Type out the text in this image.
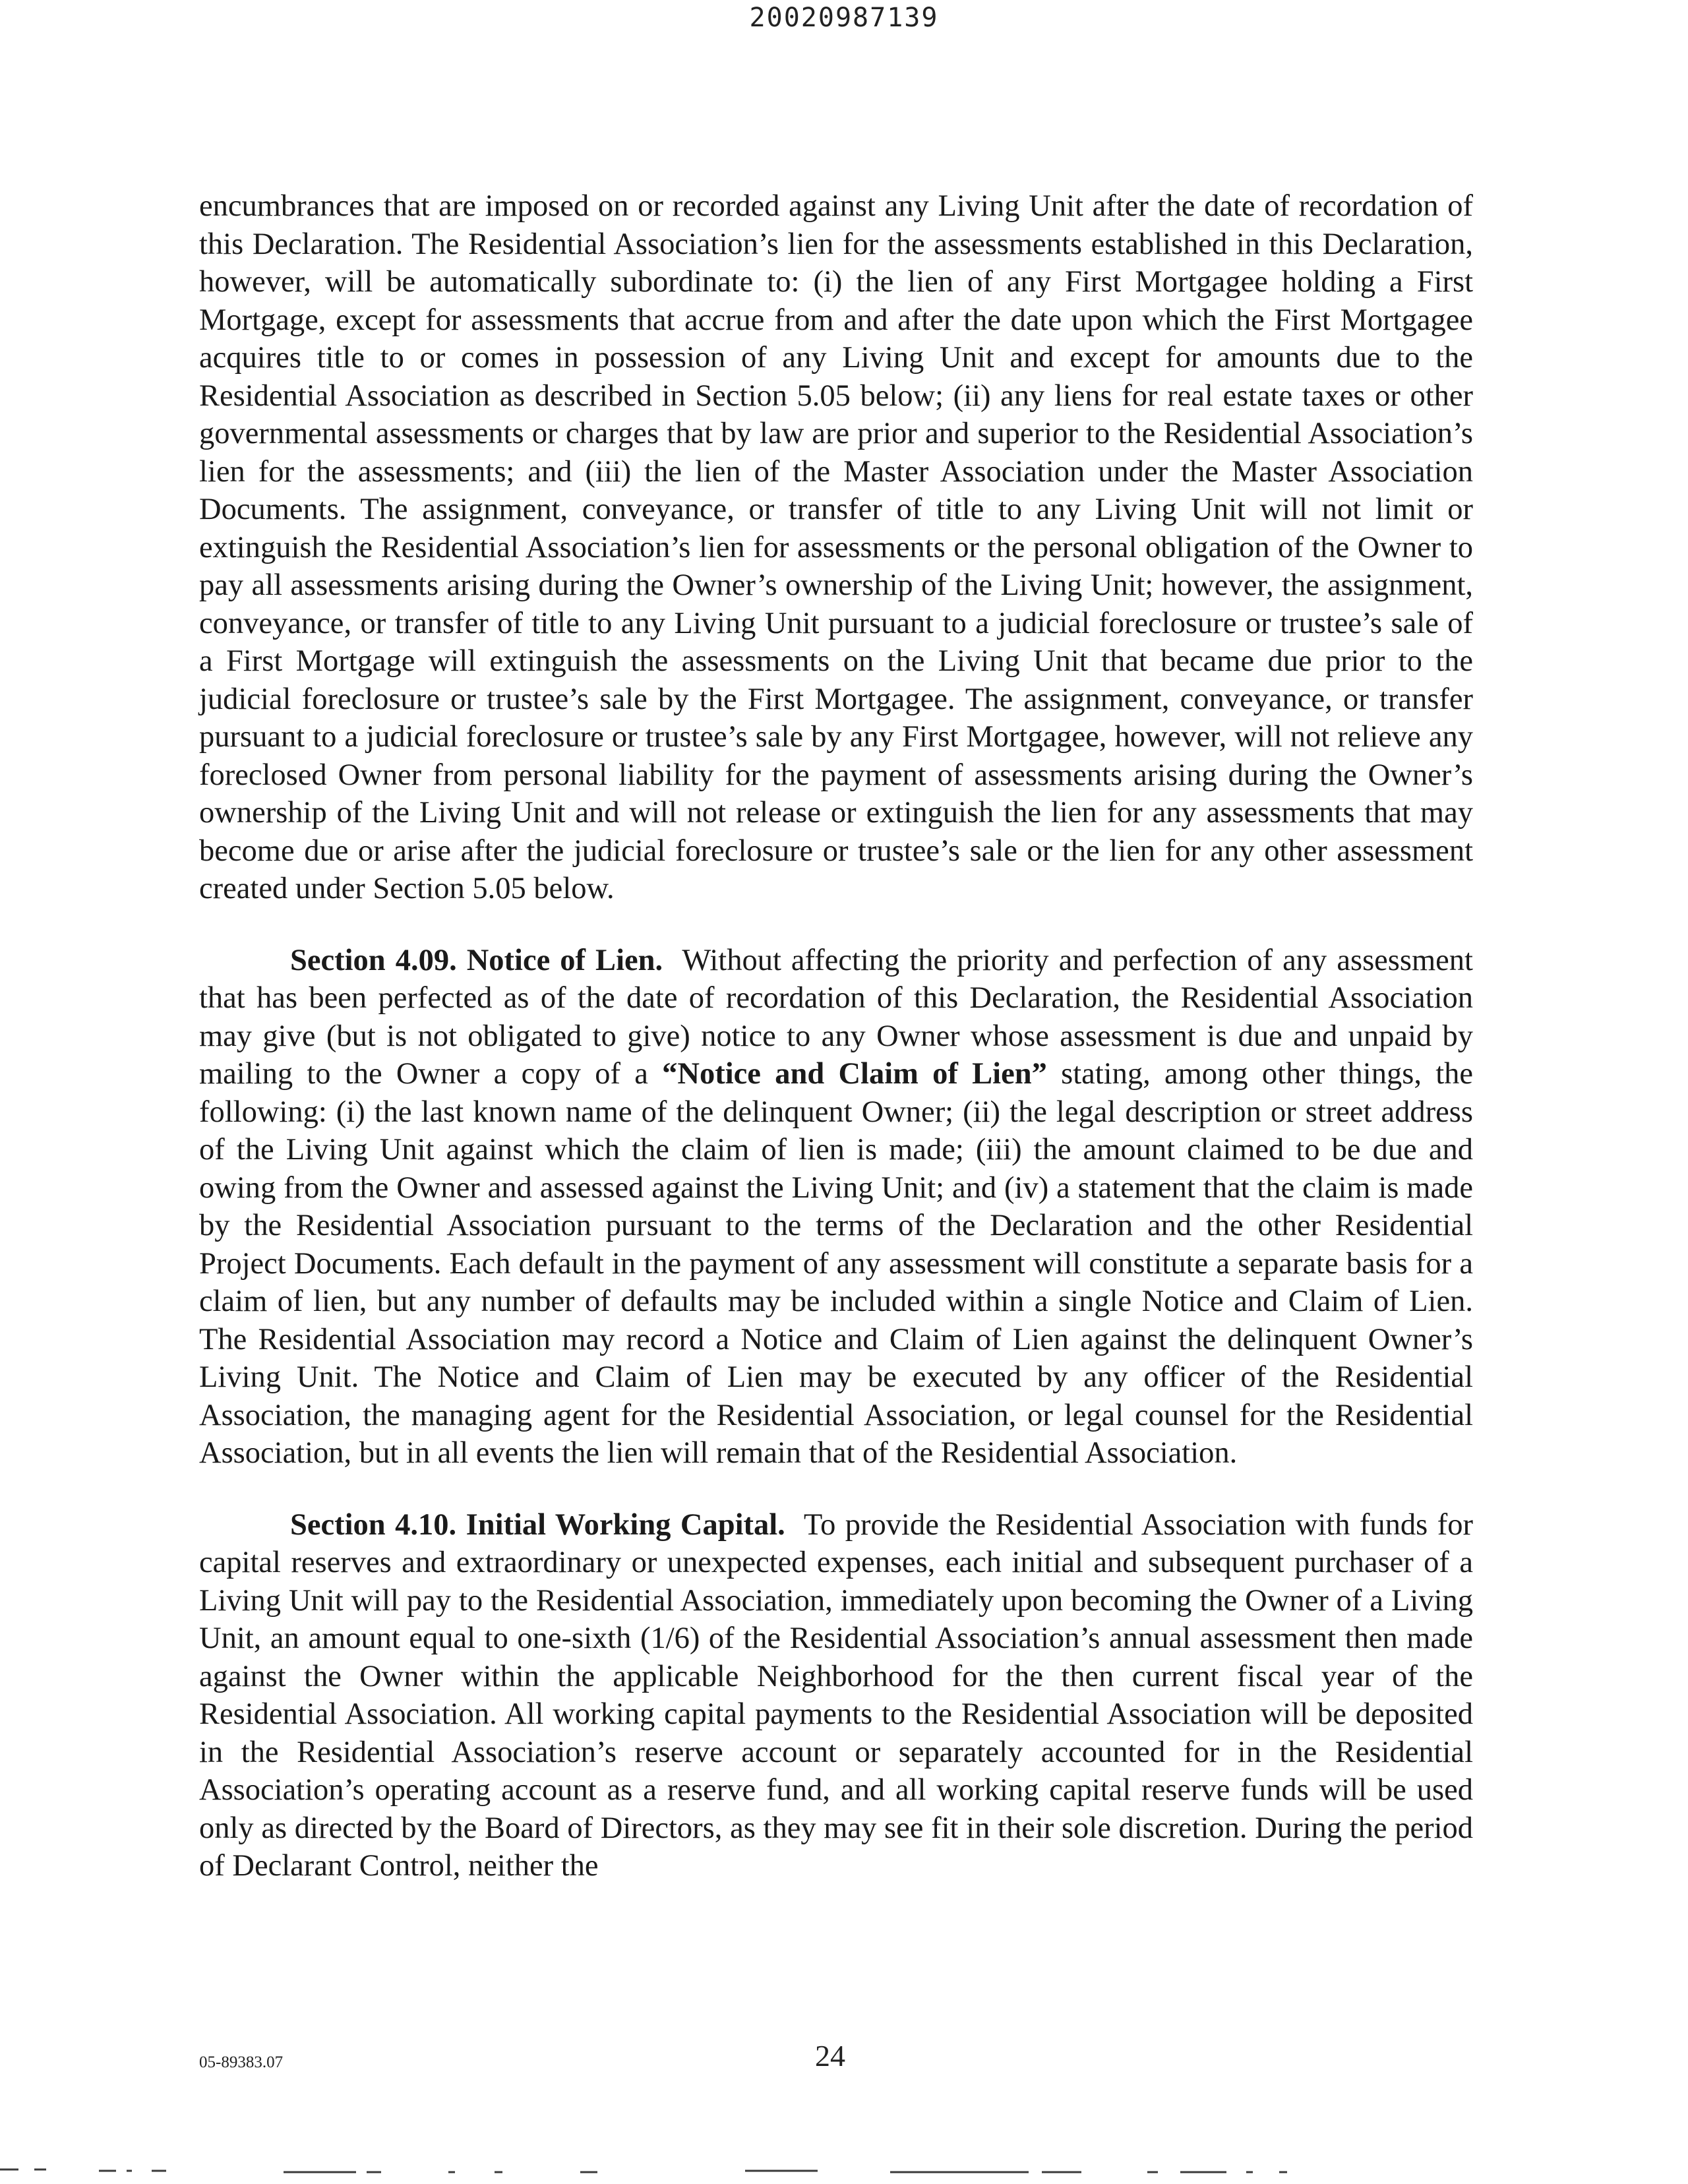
20020987139

encumbrances that are imposed on or recorded against any Living Unit after the date of recordation of this Declaration. The Residential Association’s lien for the assessments established in this Declaration, however, will be automatically subordinate to: (i) the lien of any First Mortgagee holding a First Mortgage, except for assessments that accrue from and after the date upon which the First Mortgagee acquires title to or comes in possession of any Living Unit and except for amounts due to the Residential Association as described in Section 5.05 below; (ii) any liens for real estate taxes or other governmental assessments or charges that by law are prior and superior to the Residential Association’s lien for the assessments; and (iii) the lien of the Master Association under the Master Association Documents. The assignment, conveyance, or transfer of title to any Living Unit will not limit or extinguish the Residential Association’s lien for assessments or the personal obligation of the Owner to pay all assessments arising during the Owner’s ownership of the Living Unit; however, the assignment, conveyance, or transfer of title to any Living Unit pursuant to a judicial foreclosure or trustee’s sale of a First Mortgage will extinguish the assessments on the Living Unit that became due prior to the judicial foreclosure or trustee’s sale by the First Mortgagee. The assignment, conveyance, or transfer pursuant to a judicial foreclosure or trustee’s sale by any First Mortgagee, however, will not relieve any foreclosed Owner from personal liability for the payment of assessments arising during the Owner’s ownership of the Living Unit and will not release or extinguish the lien for any assessments that may become due or arise after the judicial foreclosure or trustee’s sale or the lien for any other assessment created under Section 5.05 below.

Section 4.09. Notice of Lien. Without affecting the priority and perfection of any assessment that has been perfected as of the date of recordation of this Declaration, the Residential Association may give (but is not obligated to give) notice to any Owner whose assessment is due and unpaid by mailing to the Owner a copy of a “Notice and Claim of Lien” stating, among other things, the following: (i) the last known name of the delinquent Owner; (ii) the legal description or street address of the Living Unit against which the claim of lien is made; (iii) the amount claimed to be due and owing from the Owner and assessed against the Living Unit; and (iv) a statement that the claim is made by the Residential Association pursuant to the terms of the Declaration and the other Residential Project Documents. Each default in the payment of any assessment will constitute a separate basis for a claim of lien, but any number of defaults may be included within a single Notice and Claim of Lien. The Residential Association may record a Notice and Claim of Lien against the delinquent Owner’s Living Unit. The Notice and Claim of Lien may be executed by any officer of the Residential Association, the managing agent for the Residential Association, or legal counsel for the Residential Association, but in all events the lien will remain that of the Residential Association.

Section 4.10. Initial Working Capital. To provide the Residential Association with funds for capital reserves and extraordinary or unexpected expenses, each initial and subsequent purchaser of a Living Unit will pay to the Residential Association, immediately upon becoming the Owner of a Living Unit, an amount equal to one-sixth (1/6) of the Residential Association’s annual assessment then made against the Owner within the applicable Neighborhood for the then current fiscal year of the Residential Association. All working capital payments to the Residential Association will be deposited in the Residential Association’s reserve account or separately accounted for in the Residential Association’s operating account as a reserve fund, and all working capital reserve funds will be used only as directed by the Board of Directors, as they may see fit in their sole discretion. During the period of Declarant Control, neither the

05-89383.07	24
